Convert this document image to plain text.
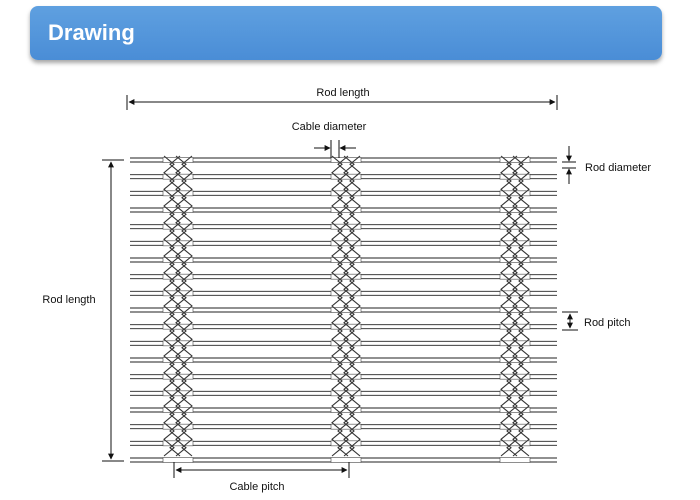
Drawing
Rod length
Cable diameter
Rod diameter
Rod length
Rod pitch
Cable pitch
